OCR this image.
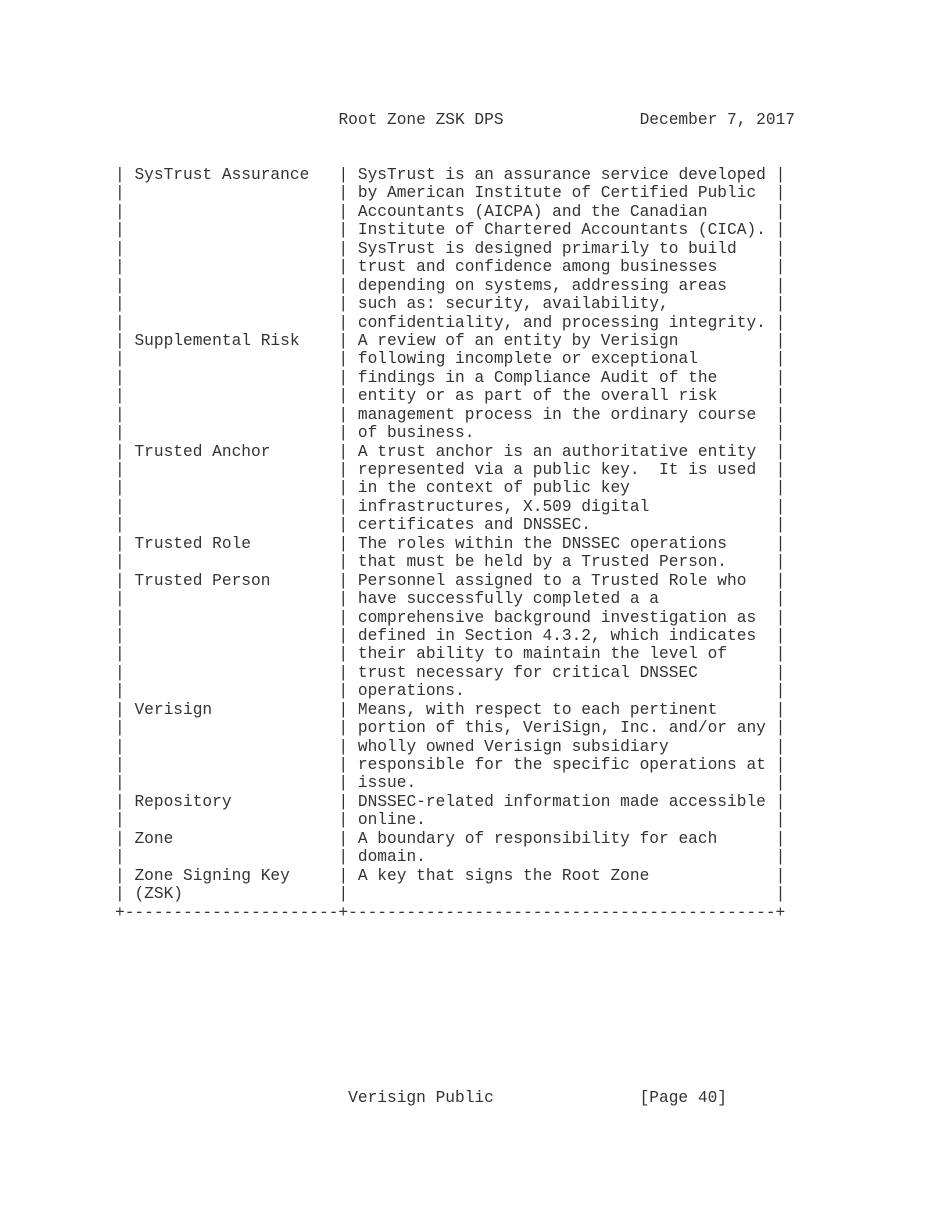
Root Zone ZSK DPS	December 7, 2017
| SysTrust Assurance   | SysTrust is an assurance service developed |
|                      | by American Institute of Certified Public  |
|                      | Accountants (AICPA) and the Canadian       |
|                      | Institute of Chartered Accountants (CICA). |
|                      | SysTrust is designed primarily to build    |
|                      | trust and confidence among businesses      |
|                      | depending on systems, addressing areas     |
|                      | such as: security, availability,           |
|                      | confidentiality, and processing integrity. |
| Supplemental Risk    | A review of an entity by Verisign          |
|                      | following incomplete or exceptional        |
|                      | findings in a Compliance Audit of the      |
|                      | entity or as part of the overall risk      |
|                      | management process in the ordinary course  |
|                      | of business.                               |
| Trusted Anchor       | A trust anchor is an authoritative entity  |
|                      | represented via a public key.  It is used  |
|                      | in the context of public key               |
|                      | infrastructures, X.509 digital             |
|                      | certificates and DNSSEC.                   |
| Trusted Role         | The roles within the DNSSEC operations     |
|                      | that must be held by a Trusted Person.     |
| Trusted Person       | Personnel assigned to a Trusted Role who   |
|                      | have successfully completed a a            |
|                      | comprehensive background investigation as  |
|                      | defined in Section 4.3.2, which indicates  |
|                      | their ability to maintain the level of     |
|                      | trust necessary for critical DNSSEC        |
|                      | operations.                                |
| Verisign             | Means, with respect to each pertinent      |
|                      | portion of this, VeriSign, Inc. and/or any |
|                      | wholly owned Verisign subsidiary           |
|                      | responsible for the specific operations at |
|                      | issue.                                     |
| Repository           | DNSSEC-related information made accessible |
|                      | online.                                    |
| Zone                 | A boundary of responsibility for each      |
|                      | domain.                                    |
| Zone Signing Key     | A key that signs the Root Zone             |
| (ZSK)                |                                            |
+----------------------+--------------------------------------------+
Verisign Public	[Page 40]
